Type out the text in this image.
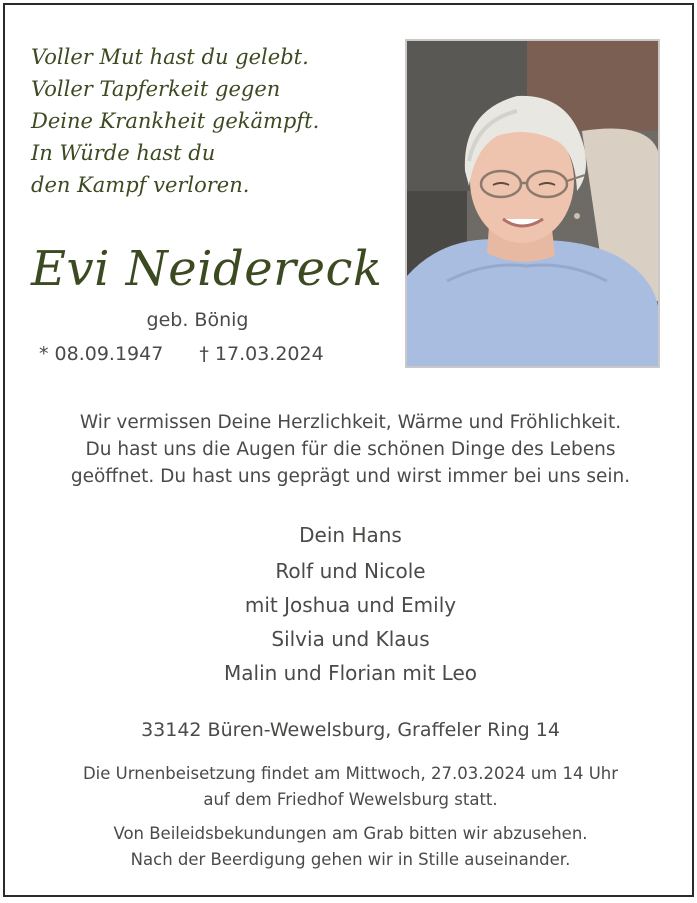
Voller Mut hast du gelebt.
Voller Tapferkeit gegen
Deine Krankheit gekämpft.
In Würde hast du
den Kampf verloren.
Evi Neidereck
geb. Bönig
* 08.09.1947 † 17.03.2024
Wir vermissen Deine Herzlichkeit, Wärme und Fröhlichkeit.
Du hast uns die Augen für die schönen Dinge des Lebens
geöffnet. Du hast uns geprägt und wirst immer bei uns sein.
Dein Hans
Rolf und Nicole
mit Joshua und Emily
Silvia und Klaus
Malin und Florian mit Leo
33142 Büren-Wewelsburg, Graffeler Ring 14
Die Urnenbeisetzung findet am Mittwoch, 27.03.2024 um 14 Uhr
auf dem Friedhof Wewelsburg statt.
Von Beileidsbekundungen am Grab bitten wir abzusehen.
Nach der Beerdigung gehen wir in Stille auseinander.
